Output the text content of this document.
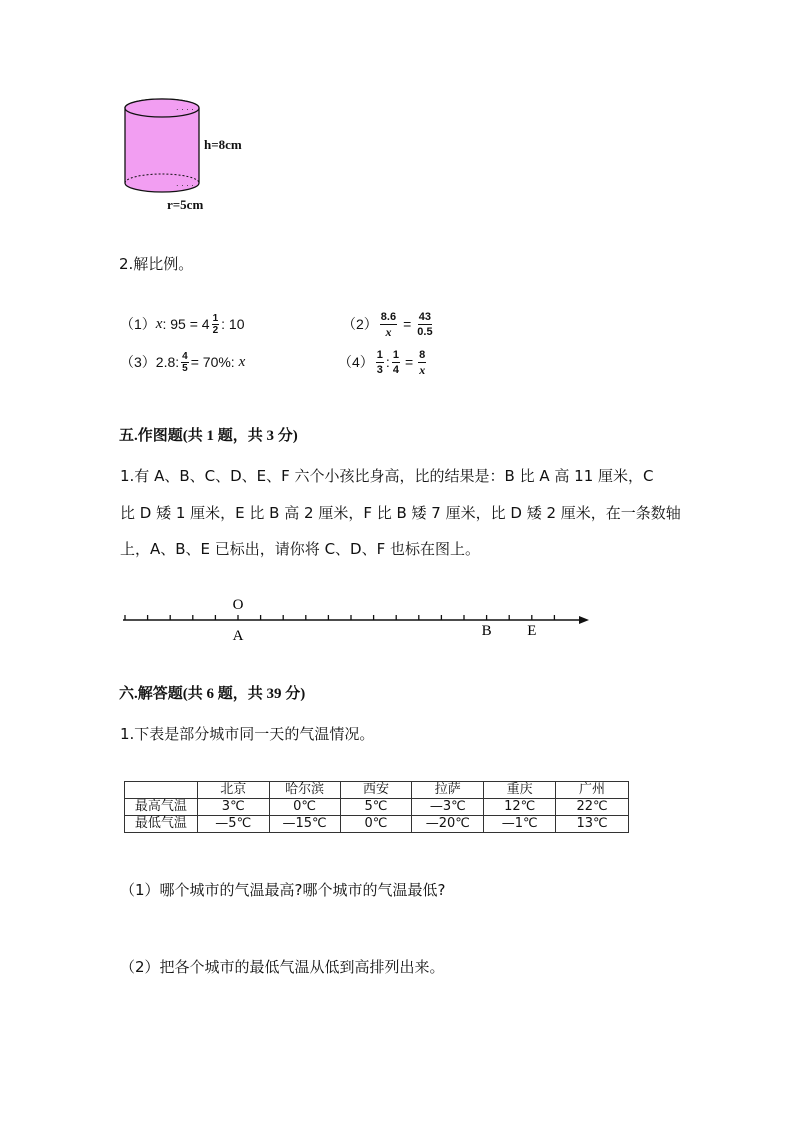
. . . .
. . . .
h=8cm
r=5cm
2.解比例。
（1） x : $95 = 4 \frac{1}{2}$ : 10	$(2) \frac{8.6}{x} = \frac{43}{0.5}$
（3） 2.8: $\frac{4}{5} = 70\%$: x	$(4) \frac{1}{3}$ : $\frac{1}{4} = \frac{8}{x}$
五.作图题(共 1 题，共 3 分)
1.有 A、B、C、D、E、F 六个小孩比身高，比的结果是：B 比 A 高 11 厘米，C
比 D 矮 1 厘米，E 比 B 高 2 厘米，F 比 B 矮 7 厘米，比 D 矮 2 厘米，在一条数轴
上，A、B、E 已标出，请你将 C、D、F 也标在图上。
O
A	B E
六.解答题(共 6 题，共 39 分)
1.下表是部分城市同一天的气温情况。
	北京	哈尔滨	西安	拉萨	重庆	广州
最高气温	3℃	0℃	5℃	—3℃	12℃	22℃
最低气温	—5℃	—15℃	0℃	—20℃	—1℃	13℃
（1）哪个城市的气温最高?哪个城市的气温最低?
（2）把各个城市的最低气温从低到高排列出来。
